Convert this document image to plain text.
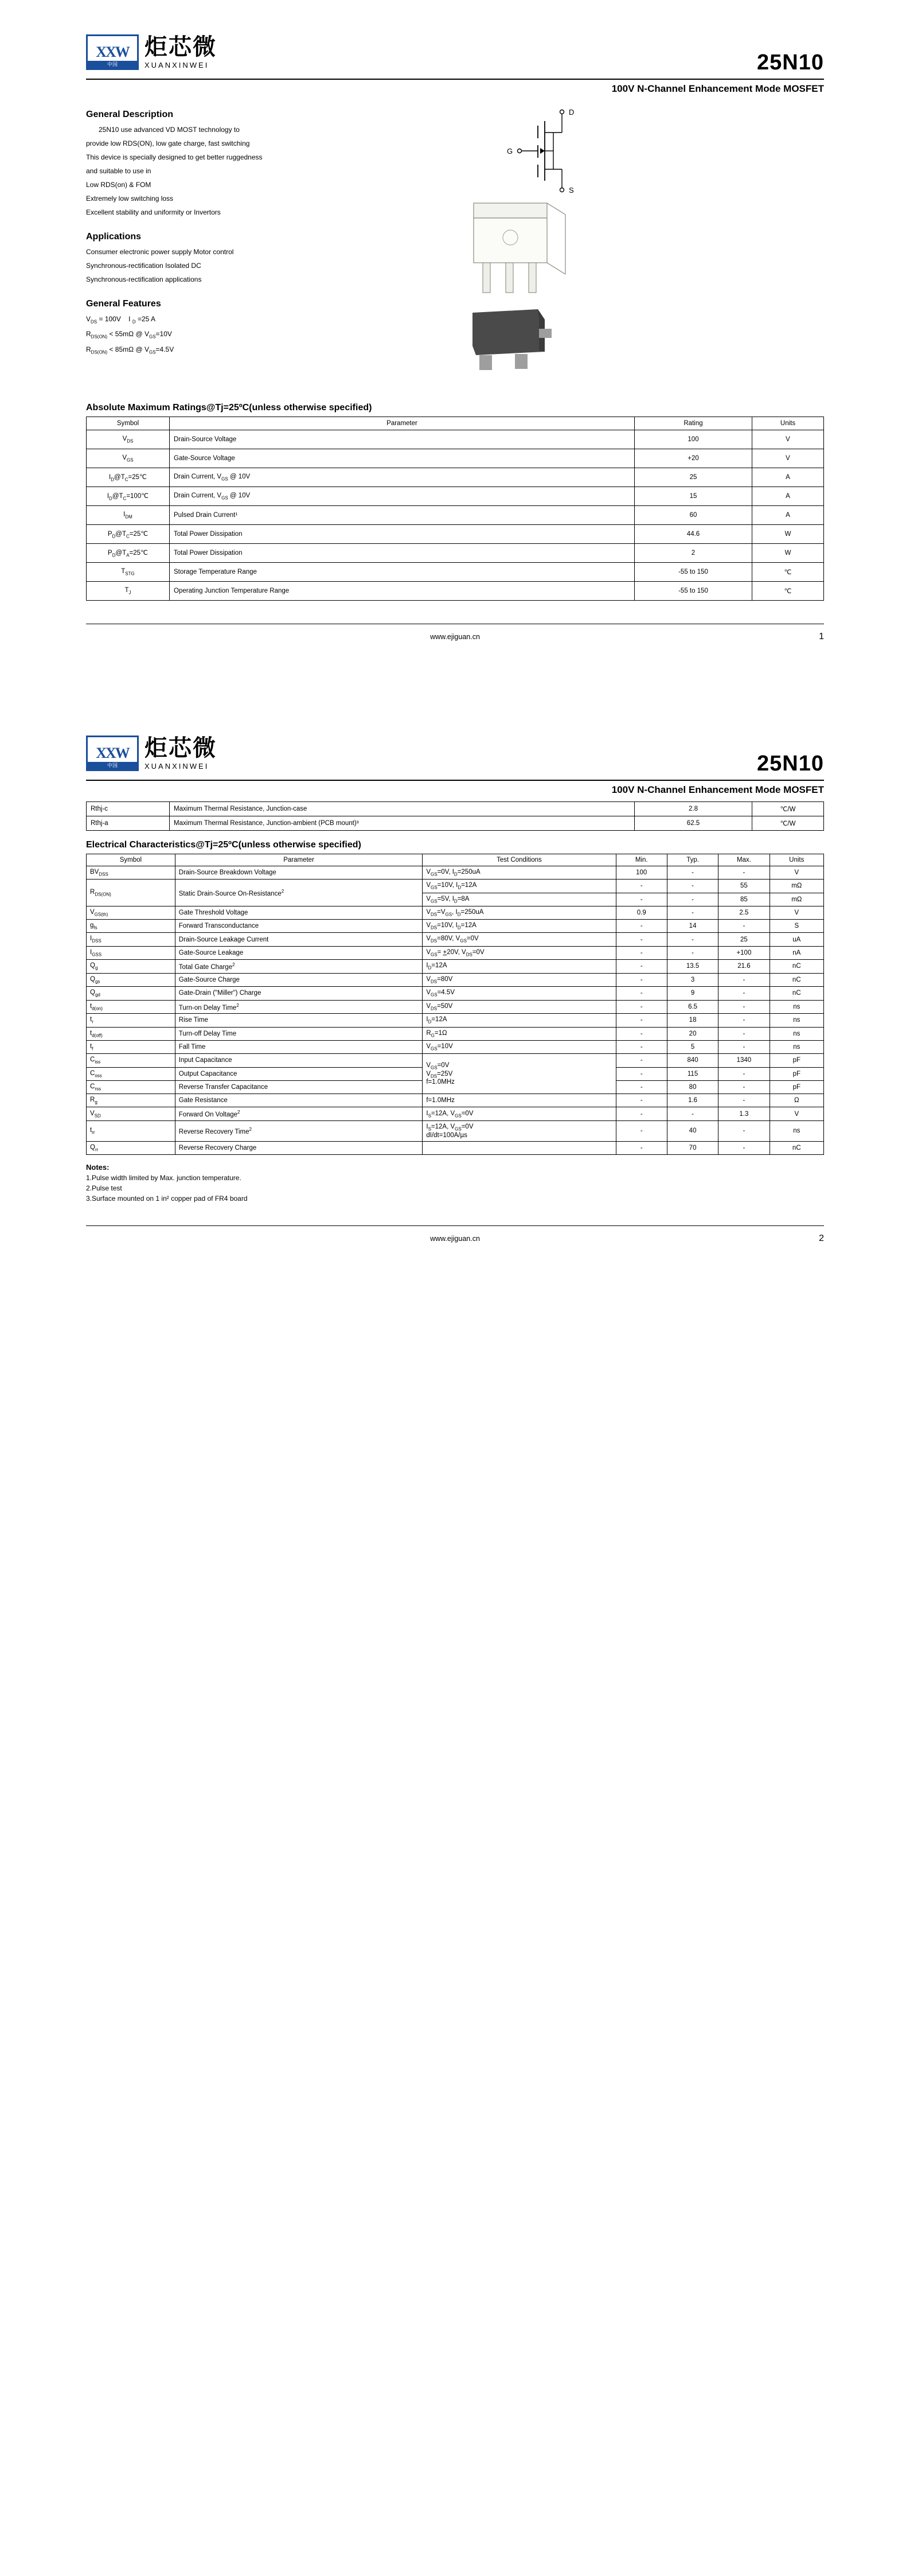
XXW
中国
炬芯微
XUANXINWEI	25N10
100V N-Channel Enhancement Mode MOSFET
General Description

25N10 use advanced VD MOST technology to

provide low RDS(ON), low gate charge, fast switching

This device is specially designed to get better ruggedness

and suitable to use in

Low RDS(on) & FOM

Extremely low switching loss

Excellent stability and uniformity or Invertors

Applications

Consumer electronic power supply Motor control

Synchronous-rectification Isolated DC

Synchronous-rectification applications

General Features

$V_{DS} = 100V$    I $_D$ =25 A

$R_{DS(ON)} < 55m\Omega$ @ $V_{GS}=10V$

$R_{DS(ON)} < 85m\Omega$ @ $V_{GS}=4.5V$

D
G
S
Absolute Maximum Ratings@Tj=25ºC(unless otherwise specified)
Symbol	Parameter	Rating	Units
$V_{DS}$	Drain-Source Voltage	100	V
$V_{GS}$	Gate-Source Voltage	+20	V
$I_D@T_C=25℃$	Drain Current, $V_{GS}$ @ 10V	25	A
$I_D@T_C=100℃$	Drain Current, $V_{GS}$ @ 10V	15	A
$I_{DM}$	Pulsed Drain Current¹	60	A
$P_D@T_C=25℃$	Total Power Dissipation	44.6	W
$P_D@T_A=25℃$	Total Power Dissipation	2	W
$T_{STG}$	Storage Temperature Range	-55 to 150	℃
$T_J$	Operating Junction Temperature Range	-55 to 150	℃
www.ejiguan.cn	1
XXW
中国
炬芯微
XUANXINWEI	25N10
100V N-Channel Enhancement Mode MOSFET
Rthj-c	Maximum Thermal Resistance, Junction-case	2.8	℃/W
Rthj-a	Maximum Thermal Resistance, Junction-ambient (PCB mount)³	62.5	℃/W
Electrical Characteristics@Tj=25ºC(unless otherwise specified)
Symbol	Parameter	Test Conditions	Min.	Typ.	Max.	Units
$BV_{DSS}$	Drain-Source Breakdown Voltage	$V_{GS}=0V$, $I_D=250uA$	100	-	-	V
$R_{DS(ON)}$	Static Drain-Source On-Resistance$^2$	$V_{GS}=10V$, $I_D=12A$	-	-	55	mΩ
		$V_{GS}=5V$, $I_D=8A$	-	-	85	mΩ
$V_{GS(th)}$	Gate Threshold Voltage	$V_{DS}=V_{GS}$, $I_D=250uA$	0.9	-	2.5	V
$g_{fs}$	Forward Transconductance	$V_{DS}=10V$, $I_D=12A$	-	14	-	S
$I_{DSS}$	Drain-Source Leakage Current	$V_{DS}=80V$, $V_{GS}=0V$	-	-	25	uA
$I_{GSS}$	Gate-Source Leakage	$V_{GS}= +20V$, $V_{DS}=0V$	-	-	+100	nA
$Q_g$	Total Gate Charge$^2$	$I_D=12A$	-	13.5	21.6	nC
$Q_{gs}$	Gate-Source Charge	$V_{DS}=80V$	-	3	-	nC
$Q_{gd}$	Gate-Drain ("Miller") Charge	$V_{GS}=4.5V$	-	9	-	nC
$t_{d(on)}$	Turn-on Delay Time$^2$	$V_{DS}=50V$	-	6.5	-	ns
$t_r$	Rise Time	$I_D=12A$	-	18	-	ns
$t_{d(off)}$	Turn-off Delay Time	$R_G=1\Omega$	-	20	-	ns
$t_f$	Fall Time	$V_{GS}=10V$	-	5	-	ns
$C_{iss}$	Input Capacitance	$V_{GS}=0V$
$V_{DS}=25V$
f=1.0MHz	-	840	1340	pF
$C_{oss}$	Output Capacitance		-	115	-	pF
$C_{rss}$	Reverse Transfer Capacitance		-	80	-	pF
$R_g$	Gate Resistance	f=1.0MHz	-	1.6	-	Ω
$V_{SD}$	Forward On Voltage$^2$	$I_S=12A$, $V_{GS}=0V$	-	-	1.3	V
$t_{rr}$	Reverse Recovery Time$^2$	$I_S=12A$, $V_{GS}=0V$
dI/dt=100A/µs	-	40	-	ns
$Q_{rr}$	Reverse Recovery Charge		-	70	-	nC
Notes:

1.Pulse width limited by Max. junction temperature.

2.Pulse test

3.Surface mounted on 1 in² copper pad of FR4 board

www.ejiguan.cn	2
